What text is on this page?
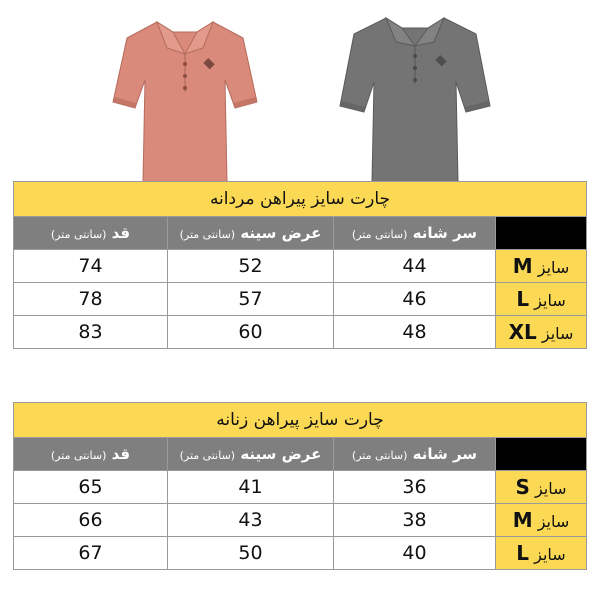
چارت سایز پیراهن مردانه			
قد (سانتی متر)	عرض سینه (سانتی متر)	سر شانه (سانتی متر)	
74	52	44	سایز M
78	57	46	سایز L
83	60	48	سایز XL
چارت سایز پیراهن زنانه			
قد (سانتی متر)	عرض سینه (سانتی متر)	سر شانه (سانتی متر)	
65	41	36	سایز S
66	43	38	سایز M
67	50	40	سایز L
